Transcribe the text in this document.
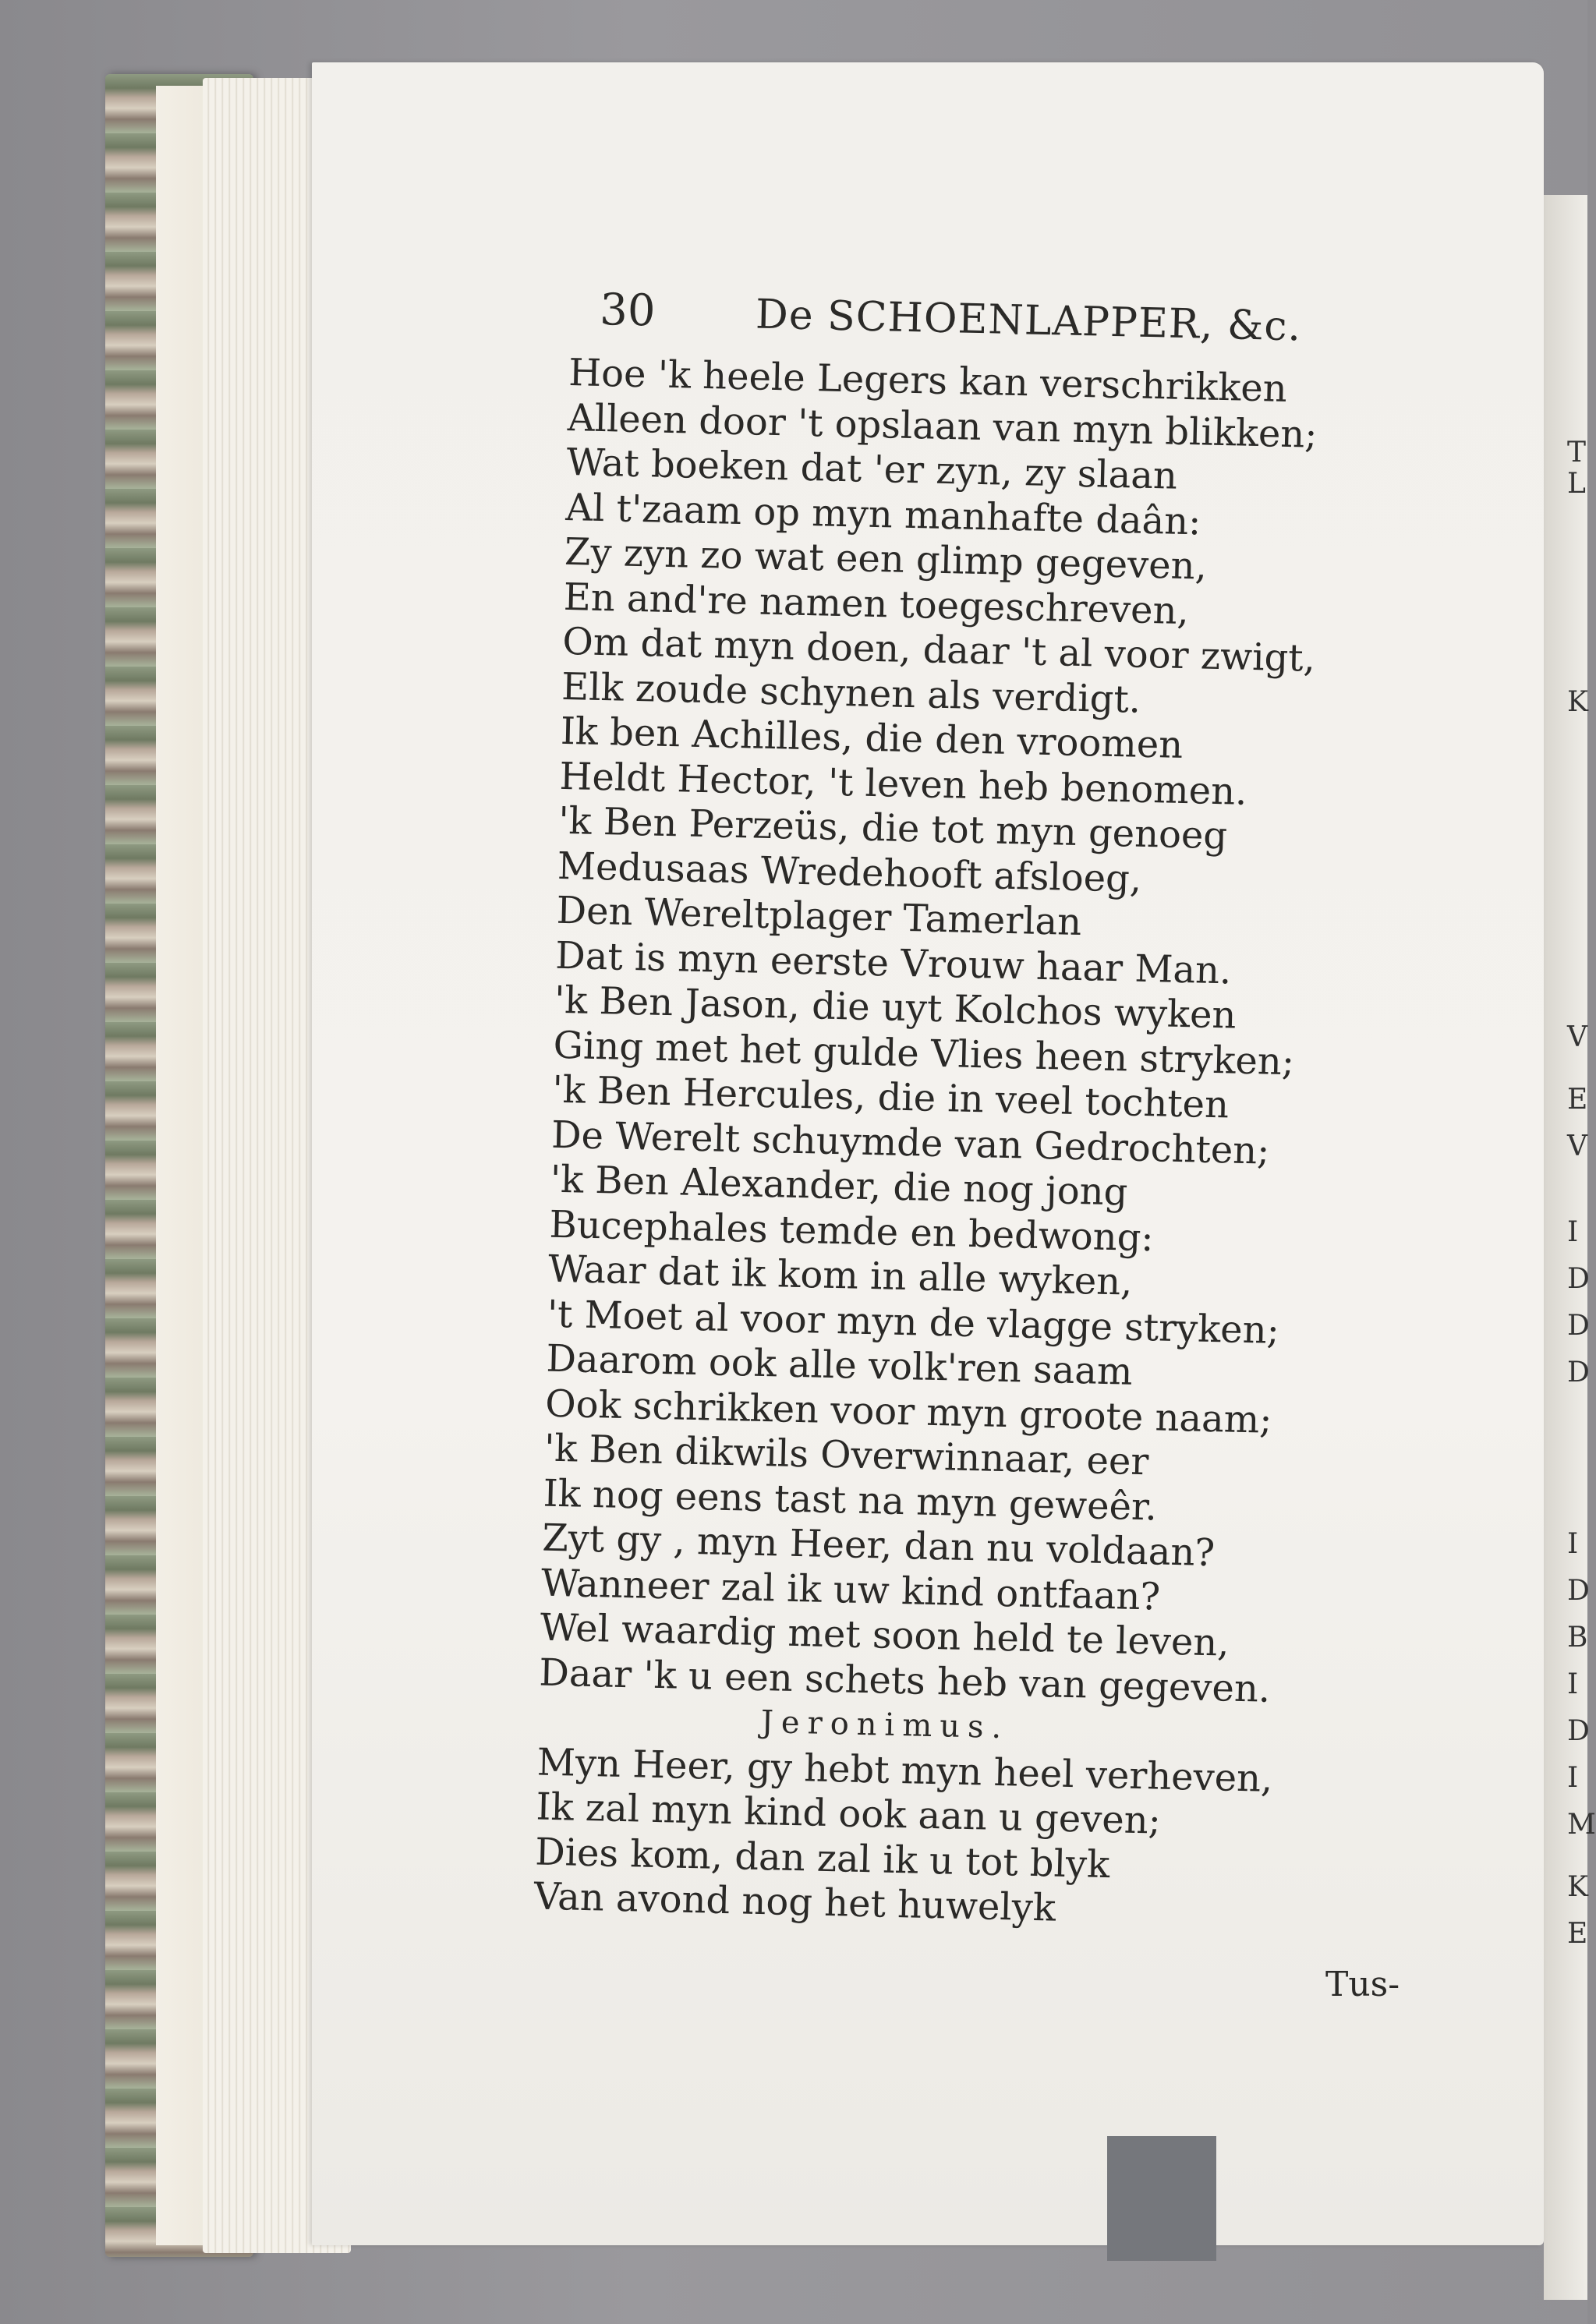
T
L
K
V
E
V
I
D
D
D
I
D
B
I
D
I
M
K
E
30 De SCHOENLAPPER, &c.
Hoe 'k heele Legers kan verschrikken
Alleen door 't opslaan van myn blikken;
Wat boeken dat 'er zyn, zy slaan
Al t'zaam op myn manhafte daân:
Zy zyn zo wat een glimp gegeven,
En and're namen toegeschreven,
Om dat myn doen, daar 't al voor zwigt,
Elk zoude schynen als verdigt.
Ik ben Achilles, die den vroomen
Heldt Hector, 't leven heb benomen.
'k Ben Perzeüs, die tot myn genoeg
Medusaas Wredehooft afsloeg,
Den Wereltplager Tamerlan
Dat is myn eerste Vrouw haar Man.
'k Ben Jason, die uyt Kolchos wyken
Ging met het gulde Vlies heen stryken;
'k Ben Hercules, die in veel tochten
De Werelt schuymde van Gedrochten;
'k Ben Alexander, die nog jong
Bucephales temde en bedwong:
Waar dat ik kom in alle wyken,
't Moet al voor myn de vlagge stryken;
Daarom ook alle volk'ren saam
Ook schrikken voor myn groote naam;
'k Ben dikwils Overwinnaar, eer
Ik nog eens tast na myn geweêr.
Zyt gy , myn Heer, dan nu voldaan?
Wanneer zal ik uw kind ontfaan?
Wel waardig met soon held te leven,
Daar 'k u een schets heb van gegeven.
Jeronimus.
Myn Heer, gy hebt myn heel verheven,
Ik zal myn kind ook aan u geven;
Dies kom, dan zal ik u tot blyk
Van avond nog het huwelyk
Tus-
